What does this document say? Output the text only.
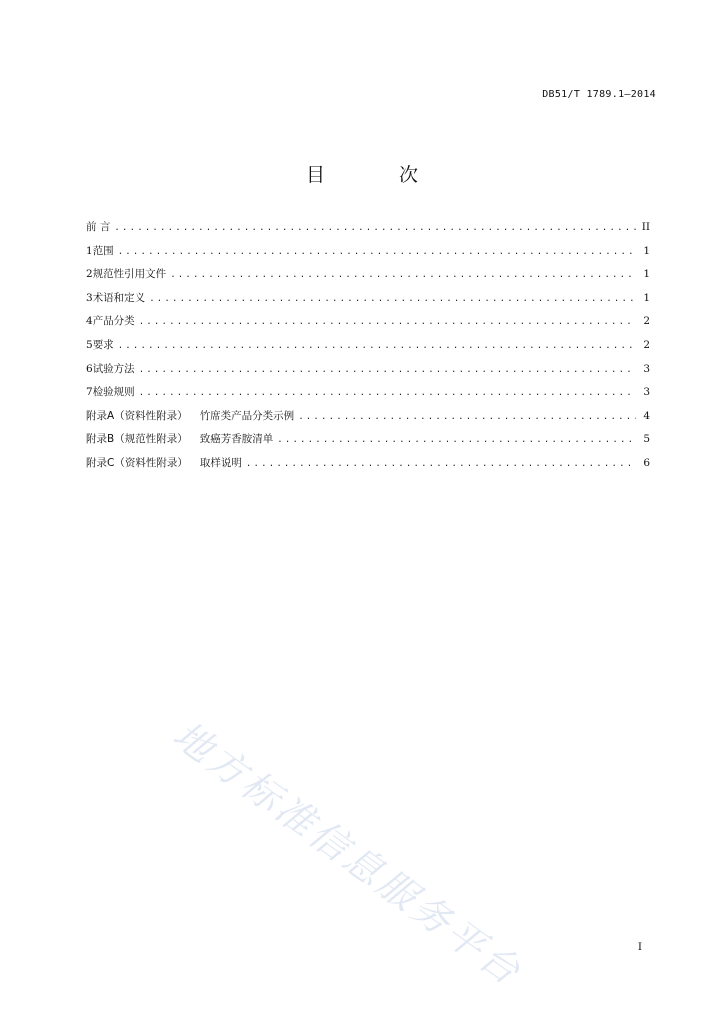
DB51/T 1789.1—2014
目 次
前 言 .....	II
1 范围 .....	1
2 规范性引用文件 .....	1
3 术语和定义 .....	1
4 产品分类 .....	2
5 要求 .....	2
6 试验方法 .....	3
7 检验规则 .....	3
附录A（资料性附录） 竹席类产品分类示例 .....	4
附录B（规范性附录） 致癌芳香胺清单 .....	5
附录C（资料性附录） 取样说明 .....	6
地方标准信息服务平台	I
